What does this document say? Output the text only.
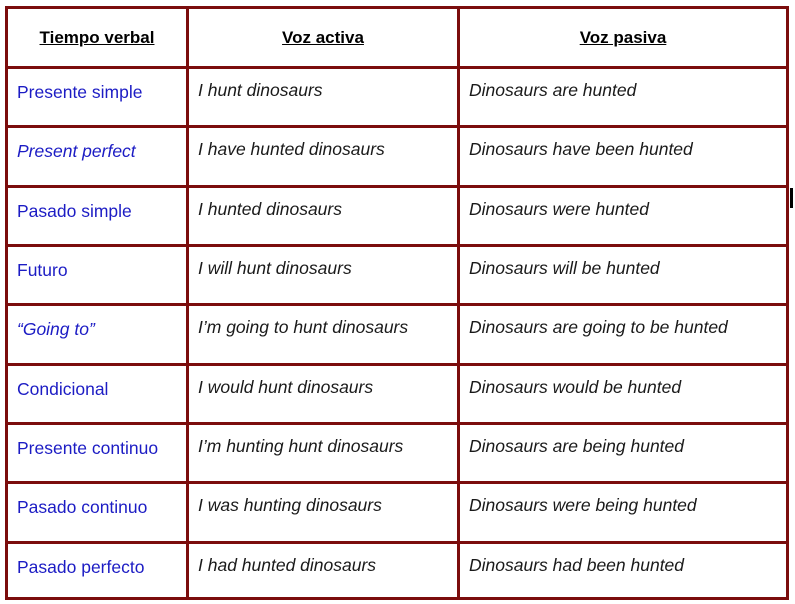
Tiempo verbal	Voz activa	Voz pasiva
Presente simple	I hunt dinosaurs	Dinosaurs are hunted
Present perfect	I have hunted dinosaurs	Dinosaurs have been hunted
Pasado simple	I hunted dinosaurs	Dinosaurs were hunted
Futuro	I will hunt dinosaurs	Dinosaurs will be hunted
“Going to”	I’m going to hunt dinosaurs	Dinosaurs are going to be hunted
Condicional	I would hunt dinosaurs	Dinosaurs would be hunted
Presente continuo	I’m hunting hunt dinosaurs	Dinosaurs are being hunted
Pasado continuo	I was hunting dinosaurs	Dinosaurs were being hunted
Pasado perfecto	I had hunted dinosaurs	Dinosaurs had been hunted
